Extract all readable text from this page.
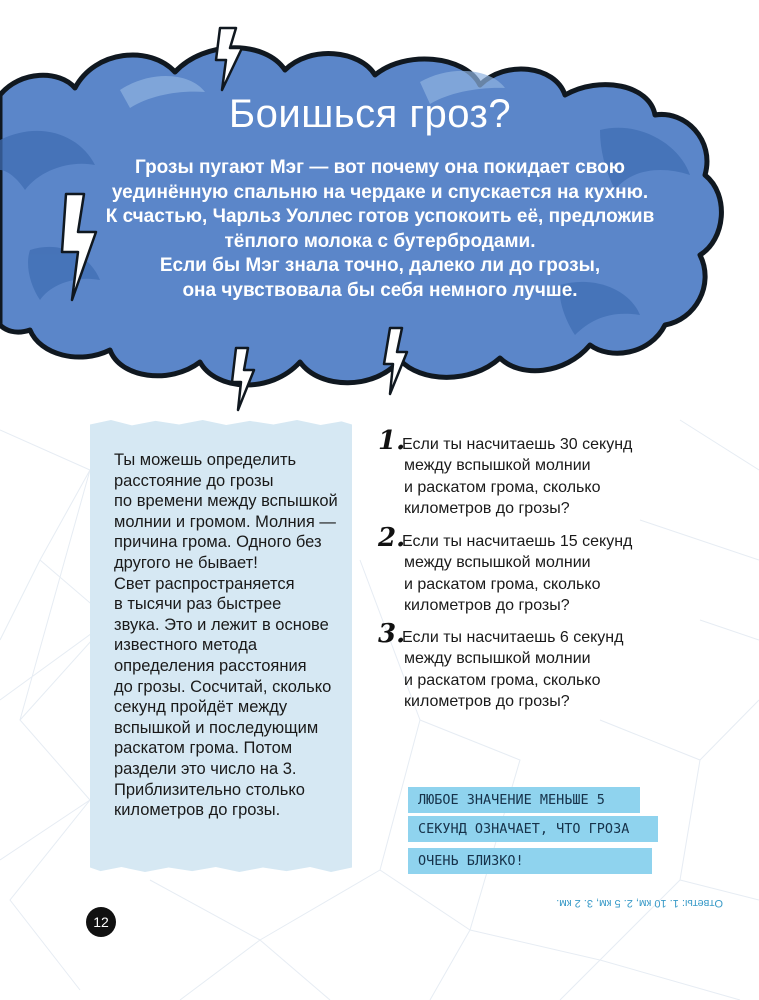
Боишься гроз?
Грозы пугают Мэг — вот почему она покидает свою
уединённую спальню на чердаке и спускается на кухню.
К счастью, Чарльз Уоллес готов успокоить её, предложив
тёплого молока с бутербродами.
Если бы Мэг знала точно, далеко ли до грозы,
она чувствовала бы себя немного лучше.
Ты можешь определить
расстояние до грозы
по времени между вспышкой
молнии и громом. Молния —
причина грома. Одного без
другого не бывает!
Свет распространяется
в тысячи раз быстрее
звука. Это и лежит в основе
известного метода
определения расстояния
до грозы. Сосчитай, сколько
секунд пройдёт между
вспышкой и последующим
раскатом грома. Потом
раздели это число на 3.
Приблизительно столько
километров до грозы.
1.
Если ты насчитаешь 30 секунд
между вспышкой молнии
и раскатом грома, сколько
километров до грозы?
2.
Если ты насчитаешь 15 секунд
между вспышкой молнии
и раскатом грома, сколько
километров до грозы?
3.
Если ты насчитаешь 6 секунд
между вспышкой молнии
и раскатом грома, сколько
километров до грозы?
ЛЮБОЕ ЗНАЧЕНИЕ МЕНЬШЕ 5
СЕКУНД ОЗНАЧАЕТ, ЧТО ГРОЗА
ОЧЕНЬ БЛИЗКО!
Ответы: 1. 10 км, 2. 5 км, 3. 2 км.
12
